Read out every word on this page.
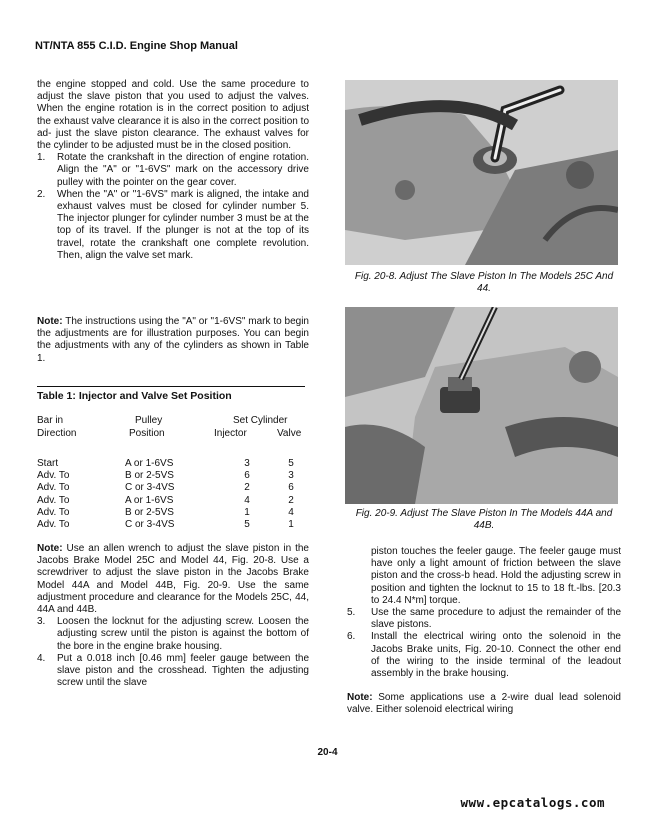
NT/NTA 855 C.I.D. Engine Shop Manual

the engine stopped and cold. Use the same procedure to adjust the slave piston that you used to adjust the valves. When the engine rotation is in the correct position to adjust the exhaust valve clearance it is also in the correct position to ad- just the slave piston clearance. The exhaust valves for the cylinder to be adjusted must be in the closed position.

1.	Rotate the crankshaft in the direction of engine rotation. Align the "A" or "1-6VS" mark on the accessory drive pulley with the pointer on the gear cover.
2.	When the "A" or "1-6VS" mark is aligned, the intake and exhaust valves must be closed for cylinder number 5. The injector plunger for cylinder number 3 must be at the top of its travel. If the plunger is not at the top of its travel, rotate the crankshaft one complete revolution. Then, align the valve set mark.
Note: The instructions using the "A" or "1-6VS" mark to begin the adjustments are for illustration purposes. You can begin the adjustments with any of the cylinders as shown in Table 1.
Table 1: Injector and Valve Set Position
Bar in
Direction
Pulley
Position
Set Cylinder
Injector	Valve
Start	A or 1-6VS	3	5
Adv. To	B or 2-5VS	6	3
Adv. To	C or 3-4VS	2	6
Adv. To	A or 1-6VS	4	2
Adv. To	B or 2-5VS	1	4
Adv. To	C or 3-4VS	5	1

Note: Use an allen wrench to adjust the slave piston in the Jacobs Brake Model 25C and Model 44, Fig. 20-8. Use a screwdriver to adjust the slave piston in the Jacobs Brake Model 44A and Model 44B, Fig. 20-9. Use the same adjustment procedure and clearance for the Models 25C, 44, 44A and 44B.

3.	Loosen the locknut for the adjusting screw. Loosen the adjusting screw until the piston is against the bottom of the bore in the engine brake housing.
4.	Put a 0.018 inch [0.46 mm] feeler gauge between the slave piston and the crosshead. Tighten the adjusting screw until the slave
Fig. 20-8. Adjust The Slave Piston In The Models 25C And 44.
Fig. 20-9. Adjust The Slave Piston In The Models 44A and 44B.
piston touches the feeler gauge. The feeler gauge must have only a light amount of friction between the slave piston and the cross-b head. Hold the adjusting screw in position and tighten the locknut to 15 to 18 ft.-lbs. [20.3 to 24.4 N*m] torque.
5.	Use the same procedure to adjust the remainder of the slave pistons.
6.	Install the electrical wiring onto the solenoid in the Jacobs Brake units, Fig. 20-10. Connect the other end of the wiring to the inside terminal of the leadout assembly in the brake housing.

Note: Some applications use a 2-wire dual lead solenoid valve. Either solenoid electrical wiring

20-4
www.epcatalogs.com
